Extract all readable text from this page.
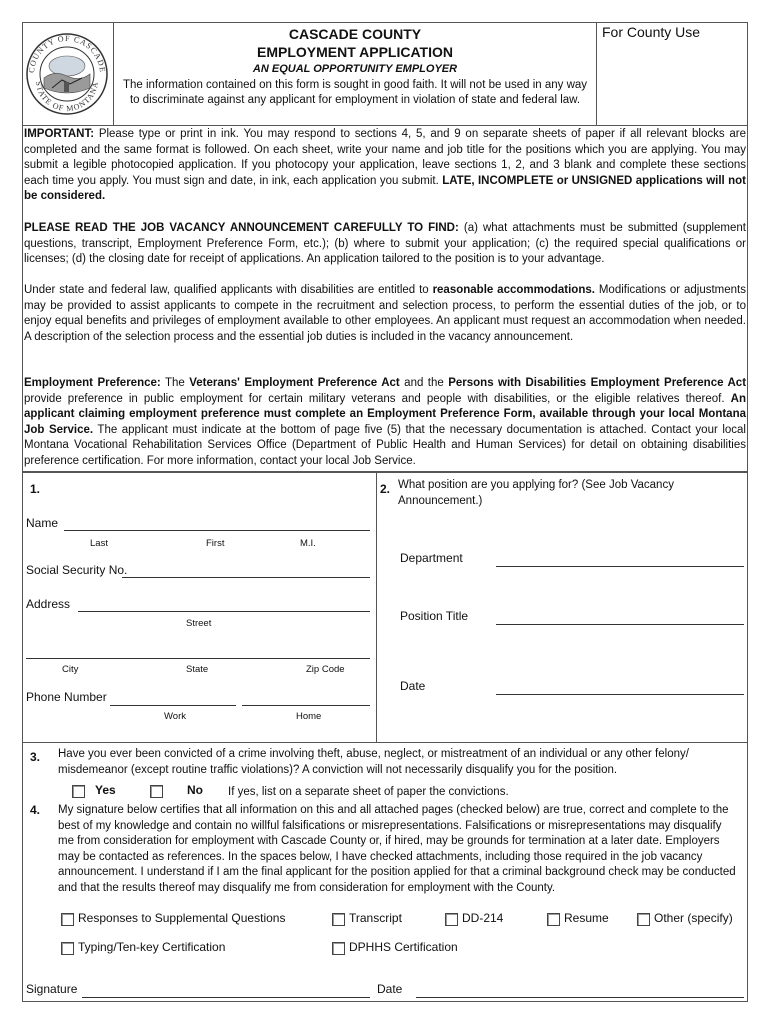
COUNTY OF CASCADE
STATE OF MONTANA
For County Use
CASCADE COUNTY
EMPLOYMENT APPLICATION
AN EQUAL OPPORTUNITY EMPLOYER
The information contained on this form is sought in good faith. It will not be used in any way to discriminate against any applicant for employment in violation of state and federal law.
IMPORTANT: Please type or print in ink. You may respond to sections 4, 5, and 9 on separate sheets of paper if all relevant blocks are completed and the same format is followed. On each sheet, write your name and job title for the positions which you are applying. You may submit a legible photocopied application. If you photocopy your application, leave sections 1, 2, and 3 blank and complete these sections each time you apply. You must sign and date, in ink, each application you submit. LATE, INCOMPLETE or UNSIGNED applications will not be considered.
PLEASE READ THE JOB VACANCY ANNOUNCEMENT CAREFULLY TO FIND: (a) what attachments must be submitted (supplement questions, transcript, Employment Preference Form, etc.); (b) where to submit your application; (c) the required special qualifications or licenses; (d) the closing date for receipt of applications. An application tailored to the position is to your advantage.
Under state and federal law, qualified applicants with disabilities are entitled to reasonable accommodations. Modifications or adjustments may be provided to assist applicants to compete in the recruitment and selection process, to perform the essential duties of the job, or to enjoy equal benefits and privileges of employment available to other employees. An applicant must request an accommodation when needed. A description of the selection process and the essential job duties is included in the vacancy announcement.
Employment Preference: The Veterans' Employment Preference Act and the Persons with Disabilities Employment Preference Act provide preference in public employment for certain military veterans and people with disabilities, or the eligible relatives thereof. An applicant claiming employment preference must complete an Employment Preference Form, available through your local Montana Job Service. The applicant must indicate at the bottom of page five (5) that the necessary documentation is attached. Contact your local Montana Vocational Rehabilitation Services Office (Department of Public Health and Human Services) for detail on obtaining disabilities preference certification. For more information, contact your local Job Service.
1.
Name
Last	First	M.I.
Social Security No.
Address
Street
City	State	Zip Code
Phone Number
Work	Home
2. What position are you applying for? (See Job Vacancy Announcement.)
Department
Position Title
Date
3. Have you ever been convicted of a crime involving theft, abuse, neglect, or mistreatment of an individual or any other felony/ misdemeanor (except routine traffic violations)? A conviction will not necessarily disqualify you for the position.
Yes	No If yes, list on a separate sheet of paper the convictions.
4. My signature below certifies that all information on this and all attached pages (checked below) are true, correct and complete to the best of my knowledge and contain no willful falsifications or misrepresentations. Falsifications or misrepresentations may disqualify me from consideration for employment with Cascade County or, if hired, may be grounds for termination at a later date. Employers may be contacted as references. In the spaces below, I have checked attachments, including those required in the job vacancy announcement. I understand if I am the final applicant for the position applied for that a criminal background check may be conducted and that the results thereof may disqualify me from consideration for employment with the County.
Responses to Supplemental Questions	Transcript	DD-214	Resume	Other (specify)
Typing/Ten-key Certification	DPHHS Certification
Signature	Date
